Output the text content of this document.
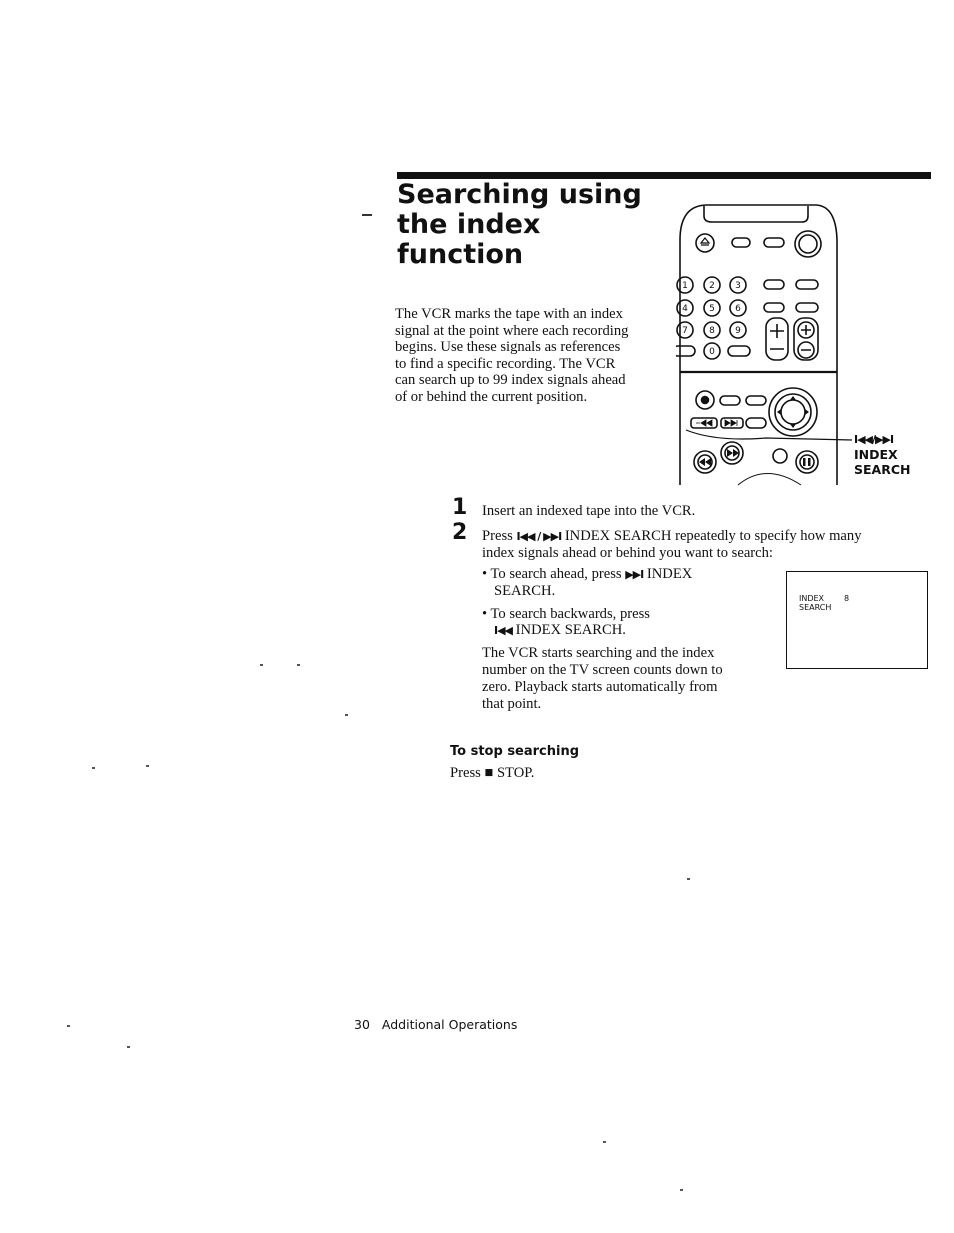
Searching using
the index
function
The VCR marks the tape with an index
signal at the point where each recording
begins. Use these signals as references
to find a specific recording. The VCR
can search up to 99 index signals ahead
of or behind the current position.
1 2 3
4 5 6
7 8 9
0
I◀◀/▶▶I
INDEX
SEARCH
1 Insert an indexed tape into the VCR.
2 Press I◀◀ / ▶▶I INDEX SEARCH repeatedly to specify how many
index signals ahead or behind you want to search:
• To search ahead, press ▶▶I INDEX
SEARCH.
• To search backwards, press
I◀◀ INDEX SEARCH.
The VCR starts searching and the index
number on the TV screen counts down to
zero. Playback starts automatically from
that point.
INDEX	8
SEARCH
To stop searching
Press ■ STOP.
30 Additional Operations
